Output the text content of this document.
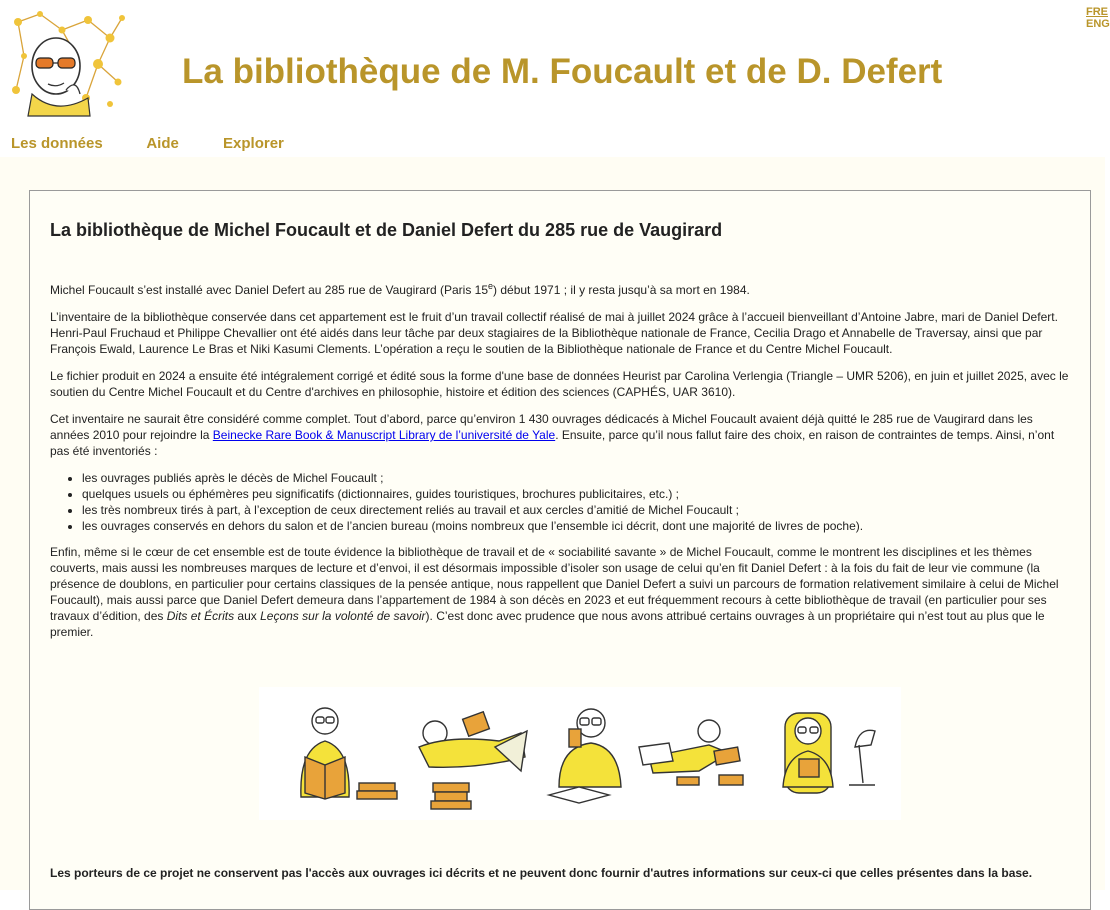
La bibliothèque de M. Foucault et de D. Defert
FRE
ENG
Les données	Aide	Explorer
La bibliothèque de Michel Foucault et de Daniel Defert du 285 rue de Vaugirard

Michel Foucault s’est installé avec Daniel Defert au 285 rue de Vaugirard (Paris 15e) début 1971 ; il y resta jusqu’à sa mort en 1984.

L’inventaire de la bibliothèque conservée dans cet appartement est le fruit d’un travail collectif réalisé de mai à juillet 2024 grâce à l’accueil bienveillant d’Antoine Jabre, mari de Daniel Defert. Henri-Paul Fruchaud et Philippe Chevallier ont été aidés dans leur tâche par deux stagiaires de la Bibliothèque nationale de France, Cecilia Drago et Annabelle de Traversay, ainsi que par François Ewald, Laurence Le Bras et Niki Kasumi Clements. L’opération a reçu le soutien de la Bibliothèque nationale de France et du Centre Michel Foucault.

Le fichier produit en 2024 a ensuite été intégralement corrigé et édité sous la forme d'une base de données Heurist par Carolina Verlengia (Triangle – UMR 5206), en juin et juillet 2025, avec le soutien du Centre Michel Foucault et du Centre d'archives en philosophie, histoire et édition des sciences (CAPHÉS, UAR 3610).

Cet inventaire ne saurait être considéré comme complet. Tout d’abord, parce qu’environ 1 430 ouvrages dédicacés à Michel Foucault avaient déjà quitté le 285 rue de Vaugirard dans les années 2010 pour rejoindre la Beinecke Rare Book & Manuscript Library de l’université de Yale. Ensuite, parce qu’il nous fallut faire des choix, en raison de contraintes de temps. Ainsi, n’ont pas été inventoriés :

• les ouvrages publiés après le décès de Michel Foucault ;
• quelques usuels ou éphémères peu significatifs (dictionnaires, guides touristiques, brochures publicitaires, etc.) ;
• les très nombreux tirés à part, à l’exception de ceux directement reliés au travail et aux cercles d’amitié de Michel Foucault ;
• les ouvrages conservés en dehors du salon et de l’ancien bureau (moins nombreux que l’ensemble ici décrit, dont une majorité de livres de poche).

Enfin, même si le cœur de cet ensemble est de toute évidence la bibliothèque de travail et de « sociabilité savante » de Michel Foucault, comme le montrent les disciplines et les thèmes couverts, mais aussi les nombreuses marques de lecture et d’envoi, il est désormais impossible d’isoler son usage de celui qu’en fit Daniel Defert : à la fois du fait de leur vie commune (la présence de doublons, en particulier pour certains classiques de la pensée antique, nous rappellent que Daniel Defert a suivi un parcours de formation relativement similaire à celui de Michel Foucault), mais aussi parce que Daniel Defert demeura dans l’appartement de 1984 à son décès en 2023 et eut fréquemment recours à cette bibliothèque de travail (en particulier pour ses travaux d’édition, des Dits et Écrits aux Leçons sur la volonté de savoir). C’est donc avec prudence que nous avons attribué certains ouvrages à un propriétaire qui n’est tout au plus que le premier.

Les porteurs de ce projet ne conservent pas l'accès aux ouvrages ici décrits et ne peuvent donc fournir d'autres informations sur ceux-ci que celles présentes dans la base.
